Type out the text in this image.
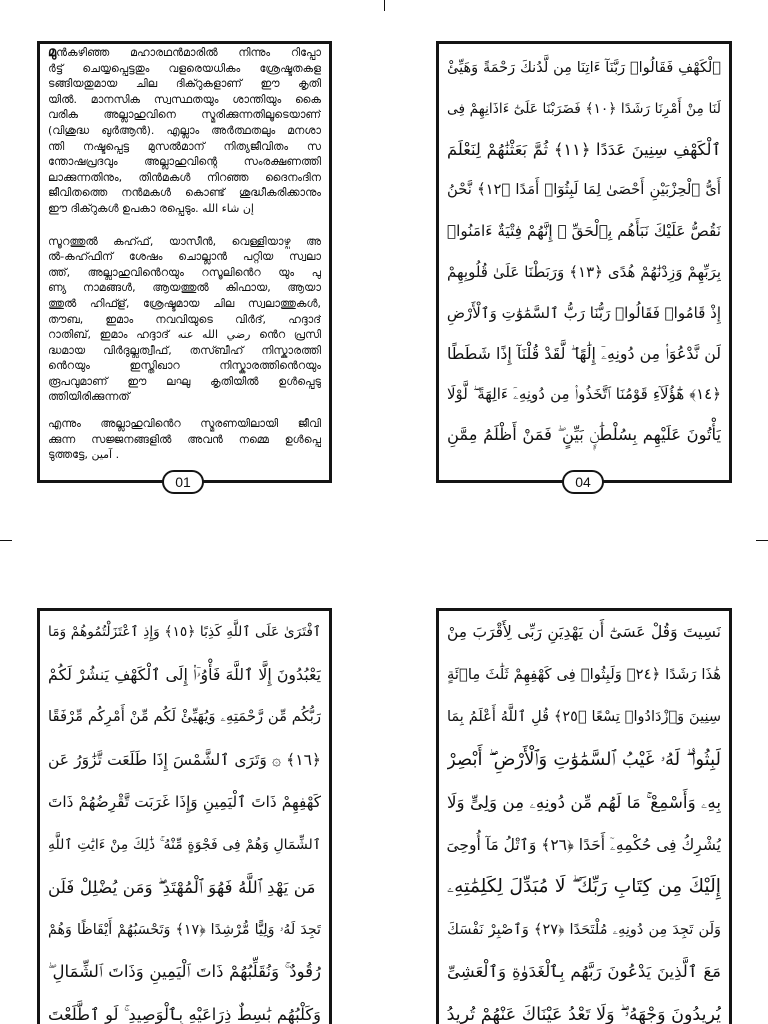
മുൻകഴിഞ്ഞ മഹാരഥൻമാരിൽ നിന്നും റിപ്പോ
ർട്ട് ചെയ്യപ്പെട്ടതും വളരെയധികം ശ്രേഷ്ടതകള
ടങ്ങിയതുമായ ചില ദിക്റുകളാണ് ഈ കൃതി
യിൽ. മാനസിക സ്വസ്ഥതയും ശാന്തിയും കൈ
വരിക അല്ലാഹുവിനെ സ്മരിക്കുന്നതിലൂടെയാണ്
(വിശുദ്ധ ഖുർആൻ). എല്ലാം അർത്ഥതലും മനശാ
ന്തി നഷ്ടപ്പെട്ട മുസൽമാന് നിത്യജീവിതം സ
ന്തോഷപ്രദവും അല്ലാഹുവിന്റെ സംരക്ഷണത്തി
ലാക്കുന്നതിനും, തിൻമകൾ നിറഞ്ഞ ദൈനംദിന
ജീവിതത്തെ നൻമകൾ കൊണ്ട് ശുദ്ധീകരിക്കാനും
ഈ ദിക്റുകൾ ഉപകാ രപ്പെടും. إن شاء الله
സൂറത്തുൽ കഹ്ഫ്, യാസീൻ, വെള്ളിയാഴ്ച അ
ൽ-കഹ്ഫിന് ശേഷം ചൊല്ലാൻ പറ്റിയ സ്വലാ
ത്ത്, അല്ലാഹുവിൻെറയും റസൂലിൻെറ യും പു
ണ്യ നാമങ്ങൾ, ആയത്തുൽ കിഫായ, ആയാ
ത്തുൽ ഹിഫ്ള്, ശ്രേഷ്ടമായ ചില സ്വലാത്തുകൾ,
തൗബ, ഇമാം നവവിയുടെ വിർദ്, ഹദ്ദാദ്
റാതിബ്, ഇമാം ഹദ്ദാദ് رضي الله عنه ൻെറ പ്രസി
ദ്ധമായ വിർദുല്ലത്വീഫ്, തസ്ബീഹ് നിസ്കാരത്തി
ൻെറയും ഇസ്തിഖാറ നിസ്കാരത്തിൻെറയും
രൂപവുമാണ് ഈ ലഘു കൃതിയിൽ ഉൾപ്പെടു
ത്തിയിരിക്കുന്നത്
എന്നും അല്ലാഹുവിൻെറ സ്മരണയിലായി ജീവി
ക്കുന്ന സജ്ജനങ്ങളിൽ അവൻ നമ്മെ ഉൾപ്പെ
ടുത്തട്ടേ, آمين .
01
ٱلْكَهْفِ فَقَالُوا۟ رَبَّنَآ ءَاتِنَا مِن لَّدُنكَ رَحْمَةً وَهَيِّئْ
لَنَا مِنْ أَمْرِنَا رَشَدًا ﴿١٠﴾ فَضَرَبْنَا عَلَىٰٓ ءَاذَانِهِمْ فِى
ٱلْكَهْفِ سِنِينَ عَدَدًا ﴿١١﴾ ثُمَّ بَعَثْنَٰهُمْ لِنَعْلَمَ
أَىُّ ٱلْحِزْبَيْنِ أَحْصَىٰ لِمَا لَبِثُوٓا۟ أَمَدًا ﴿١٢﴾ نَّحْنُ
نَقُصُّ عَلَيْكَ نَبَأَهُم بِٱلْحَقِّ ۚ إِنَّهُمْ فِتْيَةٌ ءَامَنُوا۟
بِرَبِّهِمْ وَزِدْنَٰهُمْ هُدًى ﴿١٣﴾ وَرَبَطْنَا عَلَىٰ قُلُوبِهِمْ
إِذْ قَامُوا۟ فَقَالُوا۟ رَبُّنَا رَبُّ ٱلسَّمَٰوَٰتِ وَٱلْأَرْضِ
لَن نَّدْعُوَا۟ مِن دُونِهِۦٓ إِلَٰهًا ۖ لَّقَدْ قُلْنَآ إِذًا شَطَطًا
﴿١٤﴾ هَٰٓؤُلَآءِ قَوْمُنَا ٱتَّخَذُوا۟ مِن دُونِهِۦٓ ءَالِهَةً ۖ لَّوْلَا
يَأْتُونَ عَلَيْهِم بِسُلْطَٰنٍۭ بَيِّنٍ ۖ فَمَنْ أَظْلَمُ مِمَّنِ
04
ٱفْتَرَىٰ عَلَى ٱللَّهِ كَذِبًا ﴿١٥﴾ وَإِذِ ٱعْتَزَلْتُمُوهُمْ وَمَا
يَعْبُدُونَ إِلَّا ٱللَّهَ فَأْوُۥٓا۟ إِلَى ٱلْكَهْفِ يَنشُرْ لَكُمْ
رَبُّكُم مِّن رَّحْمَتِهِۦ وَيُهَيِّئْ لَكُم مِّنْ أَمْرِكُم مِّرْفَقًا
﴿١٦﴾ ۞ وَتَرَى ٱلشَّمْسَ إِذَا طَلَعَت تَّزَٰوَرُ عَن
كَهْفِهِمْ ذَاتَ ٱلْيَمِينِ وَإِذَا غَرَبَت تَّقْرِضُهُمْ ذَاتَ
ٱلشِّمَالِ وَهُمْ فِى فَجْوَةٍ مِّنْهُ ۚ ذَٰلِكَ مِنْ ءَايَٰتِ ٱللَّهِ
ۗ مَن يَهْدِ ٱللَّهُ فَهُوَ ٱلْمُهْتَدِ ۖ وَمَن يُضْلِلْ فَلَن
تَجِدَ لَهُۥ وَلِيًّا مُّرْشِدًا ﴿١٧﴾ وَتَحْسَبُهُمْ أَيْقَاظًا وَهُمْ
رُقُودٌ ۚ وَنُقَلِّبُهُمْ ذَاتَ ٱلْيَمِينِ وَذَاتَ ٱلشِّمَالِ ۖ
وَكَلْبُهُم بَٰسِطٌ ذِرَاعَيْهِ بِٱلْوَصِيدِ ۚ لَوِ ٱطَّلَعْتَ
نَسِيتَ وَقُلْ عَسَىٰٓ أَن يَهْدِيَنِ رَبِّى لِأَقْرَبَ مِنْ
هَٰذَا رَشَدًا ﴿٢٤﴾ وَلَبِثُوا۟ فِى كَهْفِهِمْ ثَلَٰثَ مِا۟ئَةٍ
سِنِينَ وَٱزْدَادُوا۟ تِسْعًا ﴿٢٥﴾ قُلِ ٱللَّهُ أَعْلَمُ بِمَا
لَبِثُوا۟ ۖ لَهُۥ غَيْبُ ٱلسَّمَٰوَٰتِ وَٱلْأَرْضِ ۖ أَبْصِرْ
بِهِۦ وَأَسْمِعْ ۚ مَا لَهُم مِّن دُونِهِۦ مِن وَلِىٍّ وَلَا
يُشْرِكُ فِى حُكْمِهِۦٓ أَحَدًا ﴿٢٦﴾ وَٱتْلُ مَآ أُوحِىَ
إِلَيْكَ مِن كِتَابِ رَبِّكَ ۖ لَا مُبَدِّلَ لِكَلِمَٰتِهِۦ
وَلَن تَجِدَ مِن دُونِهِۦ مُلْتَحَدًا ﴿٢٧﴾ وَٱصْبِرْ نَفْسَكَ
مَعَ ٱلَّذِينَ يَدْعُونَ رَبَّهُم بِٱلْغَدَوٰةِ وَٱلْعَشِىِّ
يُرِيدُونَ وَجْهَهُۥ ۖ وَلَا تَعْدُ عَيْنَاكَ عَنْهُمْ تُرِيدُ
